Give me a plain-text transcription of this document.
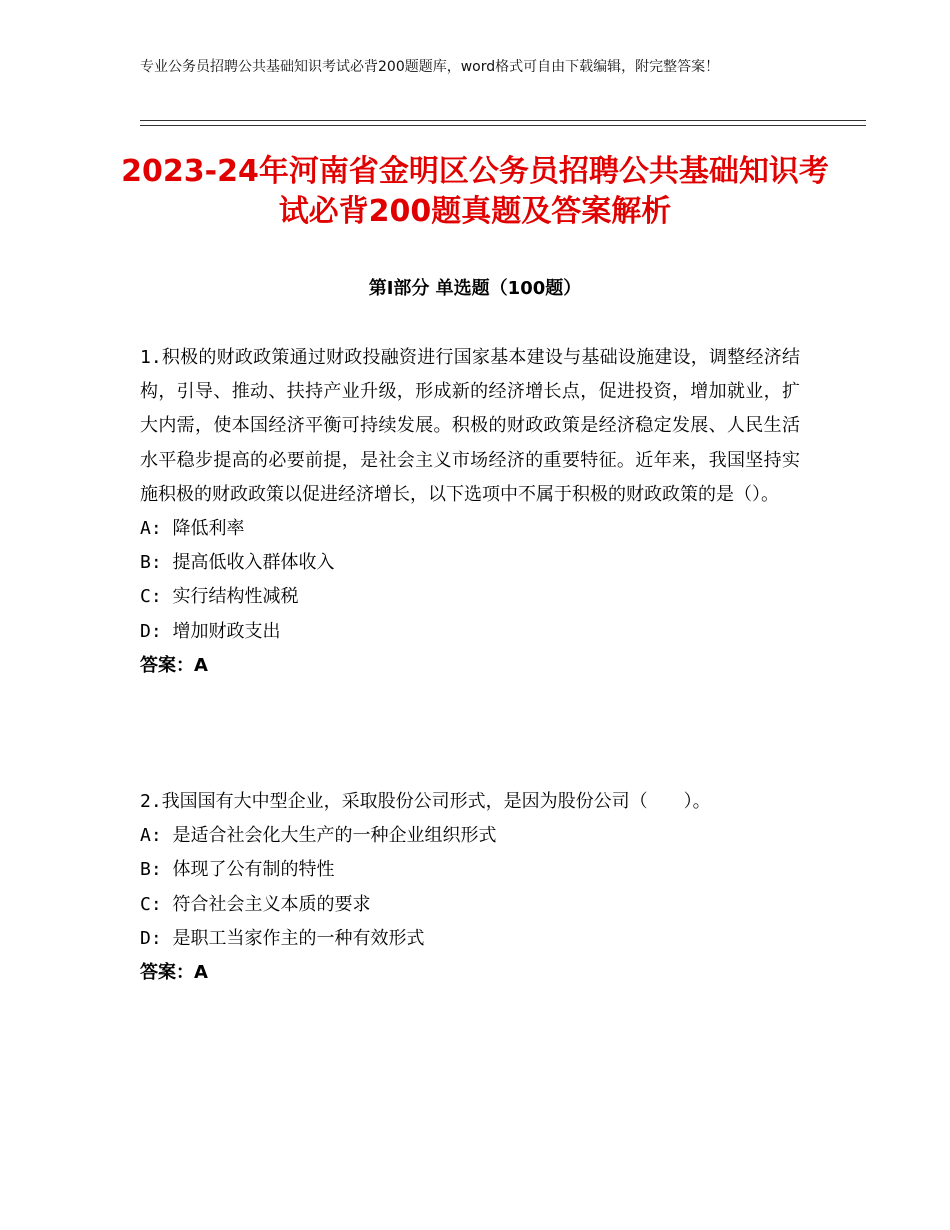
专业公务员招聘公共基础知识考试必背200题题库，word格式可自由下载编辑，附完整答案！
2023-24年河南省金明区公务员招聘公共基础知识考试必背200题真题及答案解析
第Ⅰ部分 单选题（100题）

1.积极的财政政策通过财政投融资进行国家基本建设与基础设施建设，调整经济结构，引导、推动、扶持产业升级，形成新的经济增长点，促进投资，增加就业，扩大内需，使本国经济平衡可持续发展。积极的财政政策是经济稳定发展、人民生活水平稳步提高的必要前提，是社会主义市场经济的重要特征。近年来，我国坚持实施积极的财政政策以促进经济增长，以下选项中不属于积极的财政政策的是（）。

A: 降低利率

B: 提高低收入群体收入

C: 实行结构性减税

D: 增加财政支出

答案：A

2.我国国有大中型企业，采取股份公司形式，是因为股份公司（　　）。

A: 是适合社会化大生产的一种企业组织形式

B: 体现了公有制的特性

C: 符合社会主义本质的要求

D: 是职工当家作主的一种有效形式

答案：A
